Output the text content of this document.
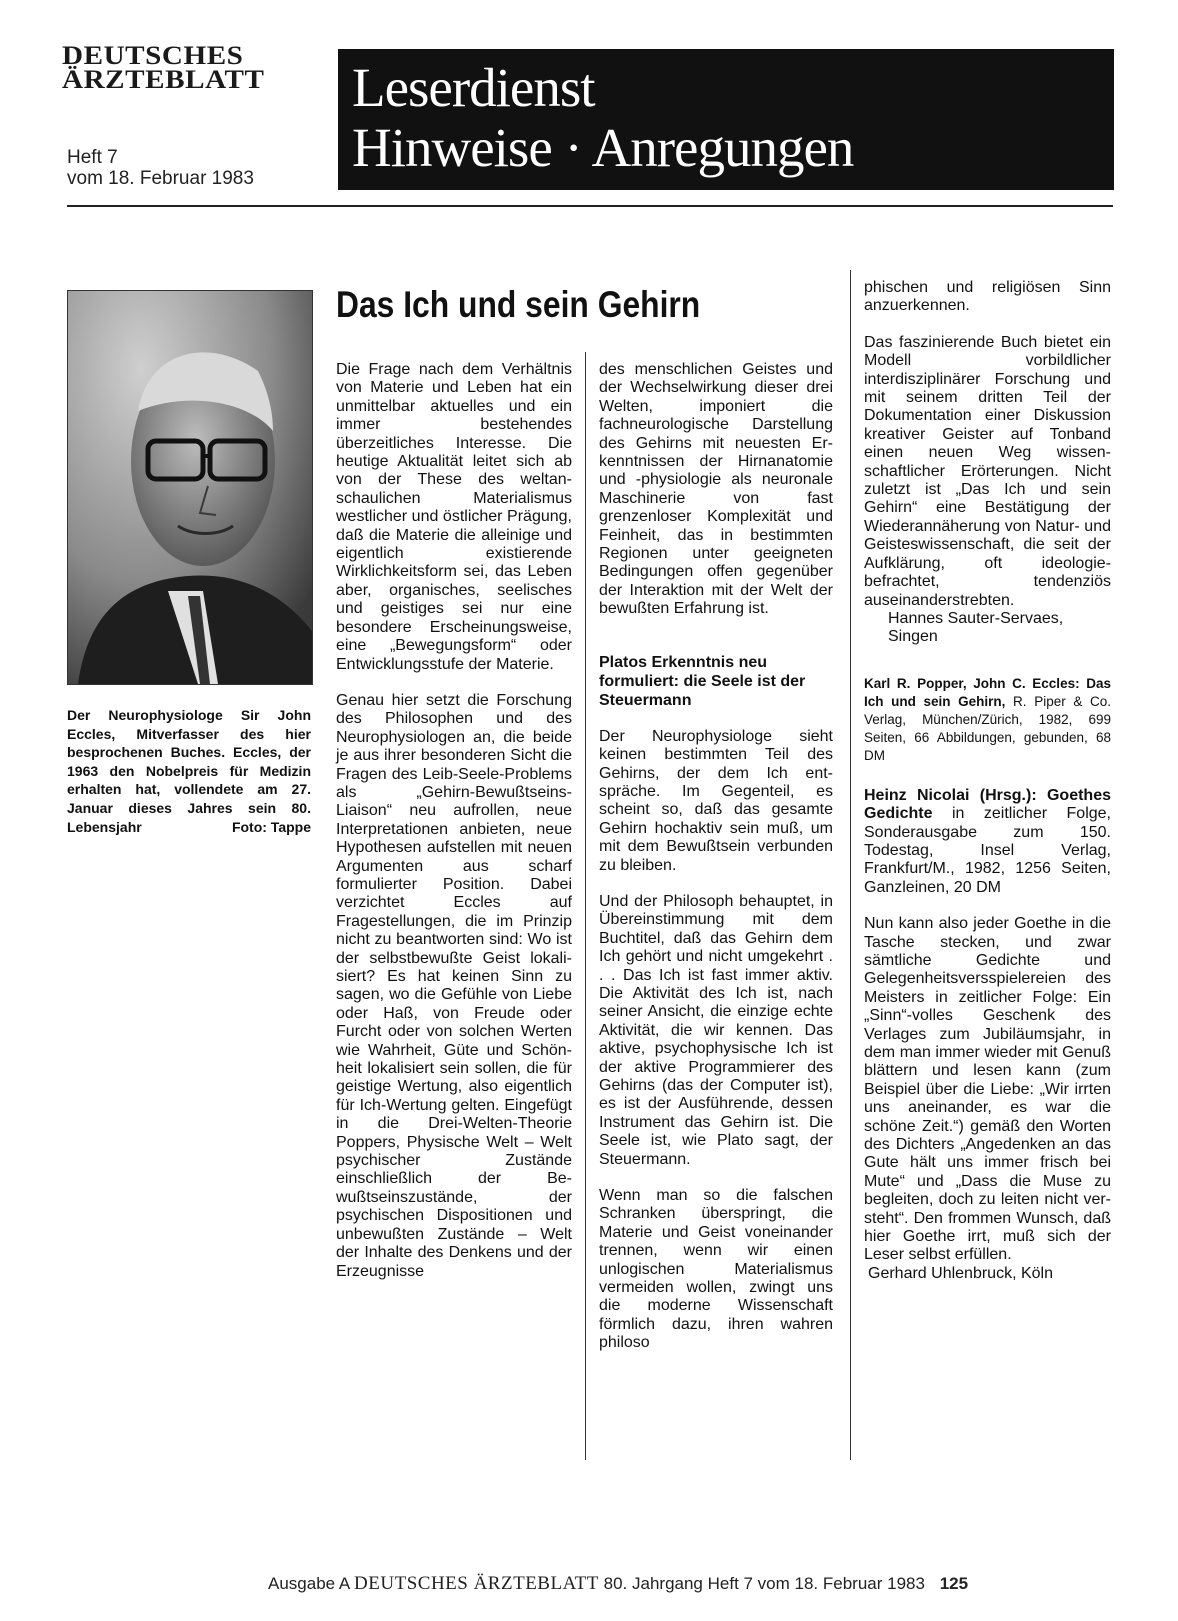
DEUTSCHES
ÄRZTEBLATT
Heft 7
vom 18. Februar 1983
Leserdienst
Hinweise · Anregungen
Der Neurophysiologe Sir John Eccles, Mitverfasser des hier besprochenen Buches. Eccles, der 1963 den Nobelpreis für Medizin erhalten hat, vollendete am 27. Januar dieses Jahres sein 80. Lebensjahr	Foto: Tappe
Das Ich und sein Gehirn

Die Frage nach dem Verhältnis von Materie und Leben hat ein unmittelbar aktuelles und ein immer bestehendes überzeitliches Interesse. Die heutige Aktualität leitet sich ab von der These des weltanschaulichen Materialismus westlicher und östlicher Prägung, daß die Materie die alleinige und eigentlich existierende Wirklichkeitsform sei, das Leben aber, organisches, seelisches und geistiges sei nur eine besondere Erscheinungsweise, eine „Bewegungsform“ oder Entwicklungsstufe der Materie.

Genau hier setzt die Forschung des Philosophen und des Neurophysiologen an, die beide je aus ihrer besonderen Sicht die Fragen des Leib-Seele-Problems als „Gehirn-Bewußtseins-Liaison“ neu aufrollen, neue Interpretationen anbieten, neue Hypothesen aufstellen mit neuen Argumenten aus scharf formulierter Position. Dabei verzichtet Eccles auf Fragestellungen, die im Prinzip nicht zu beantworten sind: Wo ist der selbstbewußte Geist lokalisiert? Es hat keinen Sinn zu sagen, wo die Gefühle von Liebe oder Haß, von Freude oder Furcht oder von solchen Werten wie Wahrheit, Güte und Schönheit lokalisiert sein sollen, die für geistige Wertung, also eigentlich für Ich-Wertung gelten. Eingefügt in die Drei-Welten-Theorie Poppers, Physische Welt – Welt psychischer Zustände einschließlich der Bewußtseinszustände, der psychischen Dispositionen und unbewußten Zustände – Welt der Inhalte des Denkens und der Erzeugnisse

des menschlichen Geistes und der Wechselwirkung dieser drei Welten, imponiert die fachneurologische Darstellung des Gehirns mit neuesten Erkenntnissen der Hirnanatomie und -physiologie als neuronale Maschinerie von fast grenzenloser Komplexität und Feinheit, das in bestimmten Regionen unter geeigneten Bedingungen offen gegenüber der Interaktion mit der Welt der bewußten Erfahrung ist.

Platos Erkenntnis neu formuliert: die Seele ist der Steuermann

Der Neurophysiologe sieht keinen bestimmten Teil des Gehirns, der dem Ich entspräche. Im Gegenteil, es scheint so, daß das gesamte Gehirn hochaktiv sein muß, um mit dem Bewußtsein verbunden zu bleiben.

Und der Philosoph behauptet, in Übereinstimmung mit dem Buchtitel, daß das Gehirn dem Ich gehört und nicht umgekehrt . . . Das Ich ist fast immer aktiv. Die Aktivität des Ich ist, nach seiner Ansicht, die einzige echte Aktivität, die wir kennen. Das aktive, psychophysische Ich ist der aktive Programmierer des Gehirns (das der Computer ist), es ist der Ausführende, dessen Instrument das Gehirn ist. Die Seele ist, wie Plato sagt, der Steuermann.

Wenn man so die falschen Schranken überspringt, die Materie und Geist voneinander trennen, wenn wir einen unlogischen Materialismus vermeiden wollen, zwingt uns die moderne Wissenschaft förmlich dazu, ihren wahren philoso

phischen und religiösen Sinn anzuerkennen.

Das faszinierende Buch bietet ein Modell vorbildlicher interdisziplinärer Forschung und mit seinem dritten Teil der Dokumentation einer Diskussion kreativer Geister auf Tonband einen neuen Weg wissenschaftlicher Erörterungen. Nicht zuletzt ist „Das Ich und sein Gehirn“ eine Bestätigung der Wiederannäherung von Natur- und Geisteswissenschaft, die seit der Aufklärung, oft ideologie-befrachtet, tendenziös auseinanderstrebten.

Hannes Sauter-Servaes,
Singen

Karl R. Popper, John C. Eccles: Das Ich und sein Gehirn, R. Piper & Co. Verlag, München/Zürich, 1982, 699 Seiten, 66 Abbildungen, gebunden, 68 DM

Heinz Nicolai (Hrsg.): Goethes Gedichte in zeitlicher Folge, Sonderausgabe zum 150. Todestag, Insel Verlag, Frankfurt/M., 1982, 1256 Seiten, Ganzleinen, 20 DM

Nun kann also jeder Goethe in die Tasche stecken, und zwar sämtliche Gedichte und Gelegenheitsversspielereien des Meisters in zeitlicher Folge: Ein „Sinn“-volles Geschenk des Verlages zum Jubiläumsjahr, in dem man immer wieder mit Genuß blättern und lesen kann (zum Beispiel über die Liebe: „Wir irrten uns aneinander, es war die schöne Zeit.“) gemäß den Worten des Dichters „Angedenken an das Gute hält uns immer frisch bei Mute“ und „Dass die Muse zu begleiten, doch zu leiten nicht versteht“. Den frommen Wunsch, daß hier Goethe irrt, muß sich der Leser selbst erfüllen.

Gerhard Uhlenbruck, Köln
Ausgabe A DEUTSCHES ÄRZTEBLATT 80. Jahrgang Heft 7 vom 18. Februar 1983 125
